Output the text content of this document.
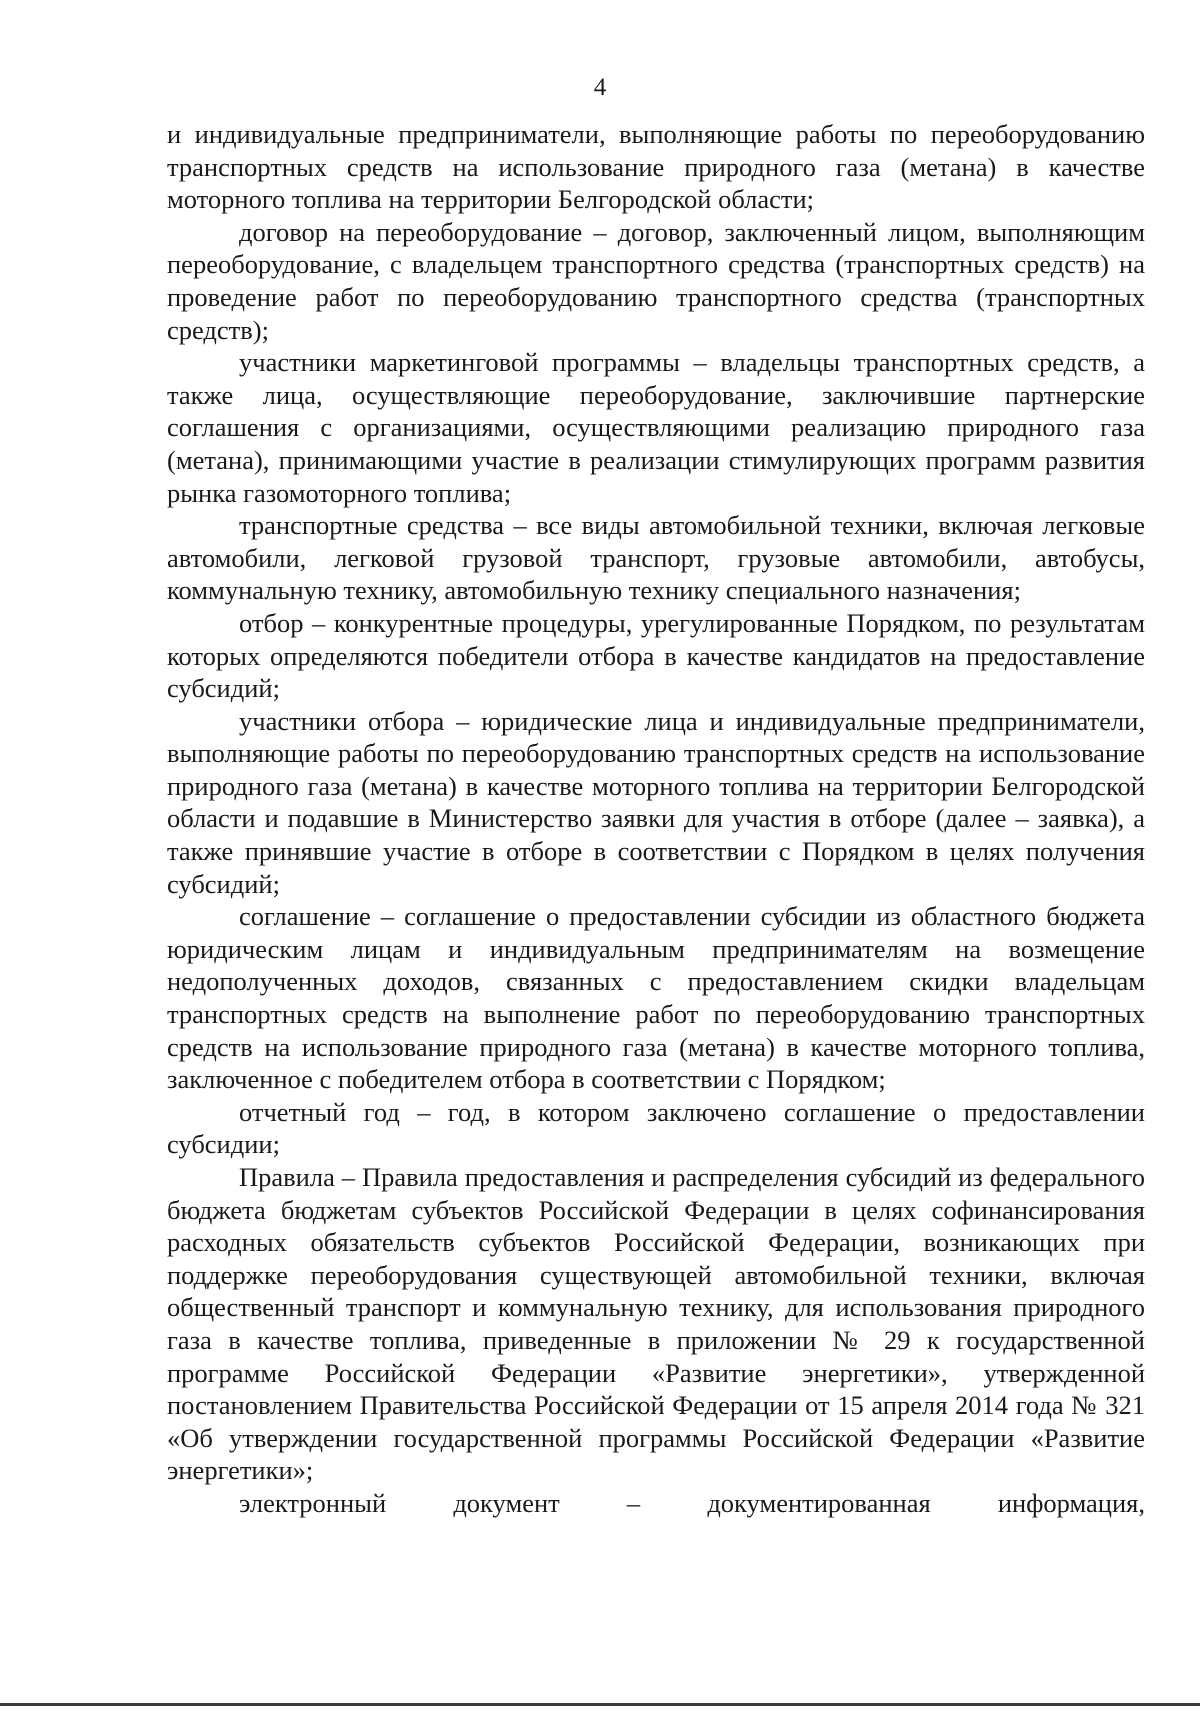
4

и индивидуальные предприниматели, выполняющие работы по переоборудованию транспортных средств на использование природного газа (метана) в качестве моторного топлива на территории Белгородской области;

договор на переоборудование – договор, заключенный лицом, выполняющим переоборудование, с владельцем транспортного средства (транспортных средств) на проведение работ по переоборудованию транспортного средства (транспортных средств);

участники маркетинговой программы – владельцы транспортных средств, а также лица, осуществляющие переоборудование, заключившие партнерские соглашения с организациями, осуществляющими реализацию природного газа (метана), принимающими участие в реализации стимулирующих программ развития рынка газомоторного топлива;

транспортные средства – все виды автомобильной техники, включая легковые автомобили, легковой грузовой транспорт, грузовые автомобили, автобусы, коммунальную технику, автомобильную технику специального назначения;

отбор – конкурентные процедуры, урегулированные Порядком, по результатам которых определяются победители отбора в качестве кандидатов на предоставление субсидий;

участники отбора – юридические лица и индивидуальные предприниматели, выполняющие работы по переоборудованию транспортных средств на использование природного газа (метана) в качестве моторного топлива на территории Белгородской области и подавшие в Министерство заявки для участия в отборе (далее – заявка), а также принявшие участие в отборе в соответствии с Порядком в целях получения субсидий;

соглашение – соглашение о предоставлении субсидии из областного бюджета юридическим лицам и индивидуальным предпринимателям на возмещение недополученных доходов, связанных с предоставлением скидки владельцам транспортных средств на выполнение работ по переоборудованию транспортных средств на использование природного газа (метана) в качестве моторного топлива, заключенное с победителем отбора в соответствии с Порядком;

отчетный год – год, в котором заключено соглашение о предоставлении субсидии;

Правила – Правила предоставления и распределения субсидий из федерального бюджета бюджетам субъектов Российской Федерации в целях софинансирования расходных обязательств субъектов Российской Федерации, возникающих при поддержке переоборудования существующей автомобильной техники, включая общественный транспорт и коммунальную технику, для использования природного газа в качестве топлива, приведенные в приложении № 29 к государственной программе Российской Федерации «Развитие энергетики», утвержденной постановлением Правительства Российской Федерации от 15 апреля 2014 года № 321 «Об утверждении государственной программы Российской Федерации «Развитие энергетики»;

электронный документ – документированная информация,
